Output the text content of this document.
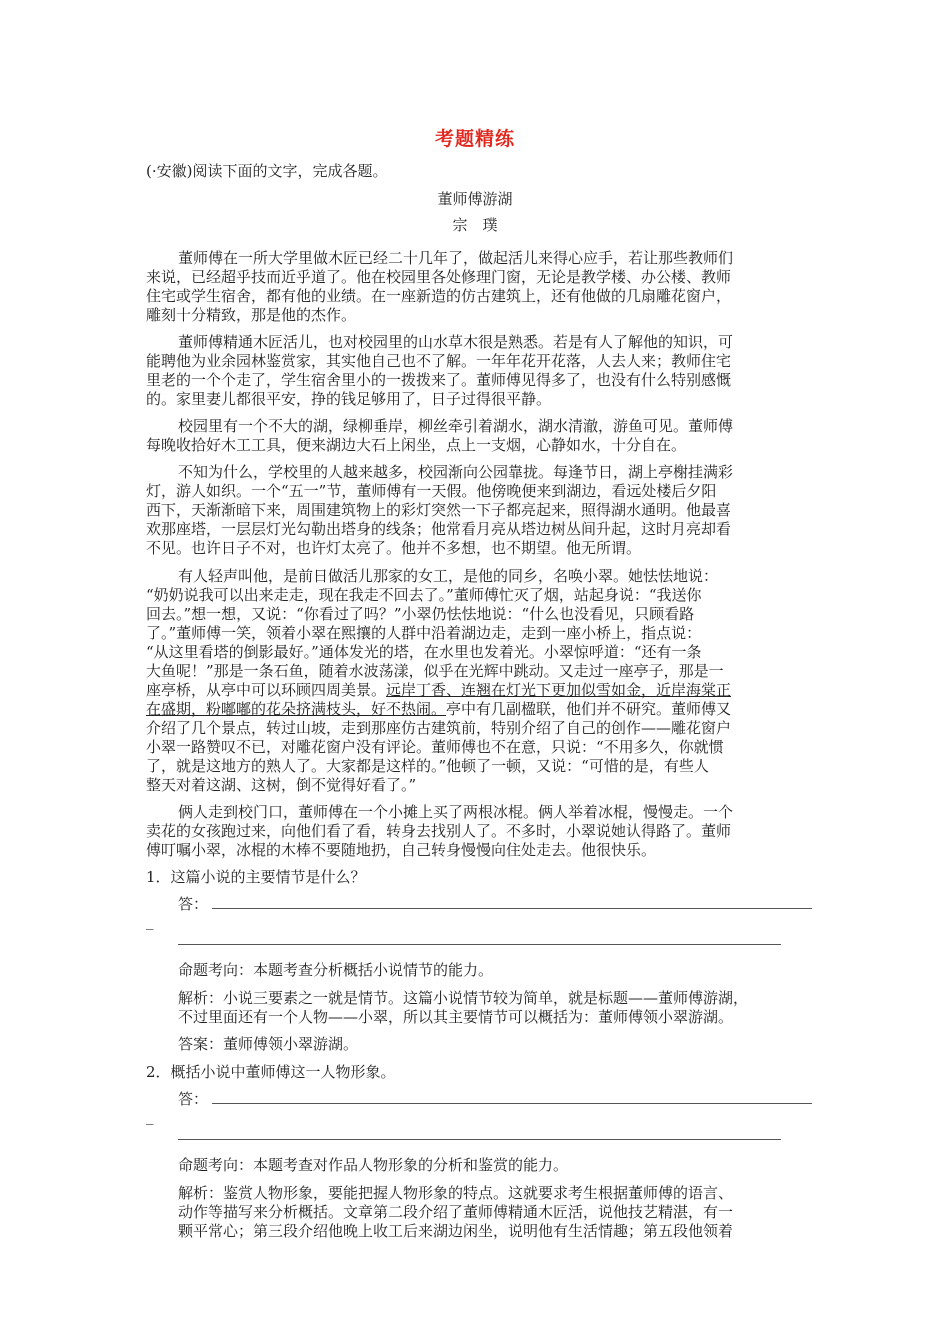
考题精练
(·安徽)阅读下面的文字，完成各题。
董师傅游湖
宗　璞
董师傅在一所大学里做木匠已经二十几年了，做起活儿来得心应手，若让那些教师们
来说，已经超乎技而近乎道了。他在校园里各处修理门窗，无论是教学楼、办公楼、教师
住宅或学生宿舍，都有他的业绩。在一座新造的仿古建筑上，还有他做的几扇雕花窗户，
雕刻十分精致，那是他的杰作。
董师傅精通木匠活儿，也对校园里的山水草木很是熟悉。若是有人了解他的知识，可
能聘他为业余园林鉴赏家，其实他自己也不了解。一年年花开花落，人去人来；教师住宅
里老的一个个走了，学生宿舍里小的一拨拨来了。董师傅见得多了，也没有什么特别感慨
的。家里妻儿都很平安，挣的钱足够用了，日子过得很平静。
校园里有一个不大的湖，绿柳垂岸，柳丝牵引着湖水，湖水清澈，游鱼可见。董师傅
每晚收拾好木工工具，便来湖边大石上闲坐，点上一支烟，心静如水，十分自在。
不知为什么，学校里的人越来越多，校园渐向公园靠拢。每逢节日，湖上亭榭挂满彩
灯，游人如织。一个“五一”节，董师傅有一天假。他傍晚便来到湖边，看远处楼后夕阳
西下，天渐渐暗下来，周围建筑物上的彩灯突然一下子都亮起来，照得湖水通明。他最喜
欢那座塔，一层层灯光勾勒出塔身的线条；他常看月亮从塔边树丛间升起，这时月亮却看
不见。也许日子不对，也许灯太亮了。他并不多想，也不期望。他无所谓。
有人轻声叫他，是前日做活儿那家的女工，是他的同乡，名唤小翠。她怯怯地说：
“奶奶说我可以出来走走，现在我走不回去了。”董师傅忙灭了烟，站起身说：“我送你
回去。”想一想，又说：“你看过了吗？”小翠仍怯怯地说：“什么也没看见，只顾看路
了。”董师傅一笑，领着小翠在熙攘的人群中沿着湖边走，走到一座小桥上，指点说：
“从这里看塔的倒影最好。”通体发光的塔，在水里也发着光。小翠惊呼道：“还有一条
大鱼呢！”那是一条石鱼，随着水波荡漾，似乎在光辉中跳动。又走过一座亭子，那是一
座亭桥，从亭中可以环顾四周美景。远岸丁香、连翘在灯光下更加似雪如金，近岸海棠正
在盛期，粉嘟嘟的花朵挤满枝头，好不热闹。亭中有几副楹联，他们并不研究。董师傅又
介绍了几个景点，转过山坡，走到那座仿古建筑前，特别介绍了自己的创作——雕花窗户
小翠一路赞叹不已，对雕花窗户没有评论。董师傅也不在意，只说：“不用多久，你就惯
了，就是这地方的熟人了。大家都是这样的。”他顿了一顿，又说：“可惜的是，有些人
整天对着这湖、这树，倒不觉得好看了。”
俩人走到校门口，董师傅在一个小摊上买了两根冰棍。俩人举着冰棍，慢慢走。一个
卖花的女孩跑过来，向他们看了看，转身去找别人了。不多时，小翠说她认得路了。董师
傅叮嘱小翠，冰棍的木棒不要随地扔，自己转身慢慢向住处走去。他很快乐。
1．这篇小说的主要情节是什么？
答：
_
命题考向：本题考查分析概括小说情节的能力。
解析：小说三要素之一就是情节。这篇小说情节较为简单，就是标题——董师傅游湖，
不过里面还有一个人物——小翠，所以其主要情节可以概括为：董师傅领小翠游湖。
答案：董师傅领小翠游湖。
2．概括小说中董师傅这一人物形象。
答：
_
命题考向：本题考查对作品人物形象的分析和鉴赏的能力。
解析：鉴赏人物形象，要能把握人物形象的特点。这就要求考生根据董师傅的语言、
动作等描写来分析概括。文章第二段介绍了董师傅精通木匠活，说他技艺精湛，有一
颗平常心；第三段介绍他晚上收工后来湖边闲坐，说明他有生活情趣；第五段他领着
